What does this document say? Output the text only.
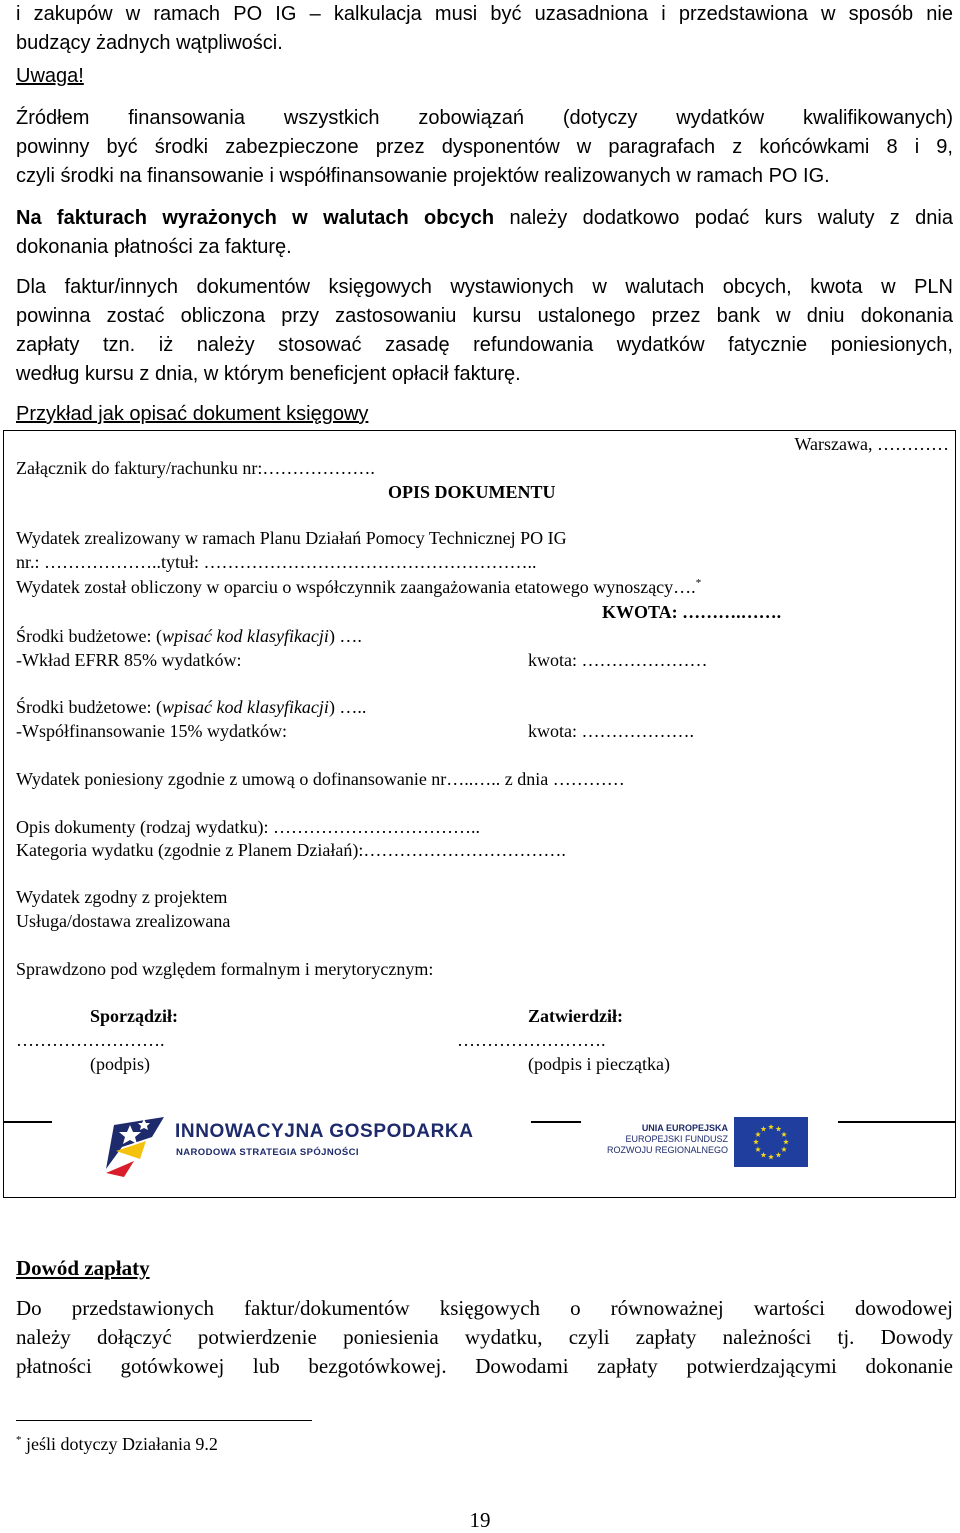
i zakupów w ramach PO IG – kalkulacja musi być uzasadniona i przedstawiona w sposób nie
budzący żadnych wątpliwości.
Uwaga!
Źródłem finansowania wszystkich zobowiązań (dotyczy wydatków kwalifikowanych)
powinny być środki zabezpieczone przez dysponentów w paragrafach z końcówkami 8 i 9,
czyli środki na finansowanie i współfinansowanie projektów realizowanych w ramach PO IG.
Na fakturach wyrażonych w walutach obcych należy dodatkowo podać kurs waluty z dnia
dokonania płatności za fakturę.
Dla faktur/innych dokumentów księgowych wystawionych w walutach obcych, kwota w PLN
powinna zostać obliczona przy zastosowaniu kursu ustalonego przez bank w dniu dokonania
zapłaty tzn. iż należy stosować zasadę refundowania wydatków fatycznie poniesionych,
według kursu z dnia, w którym beneficjent opłacił fakturę.
Przykład jak opisać dokument księgowy
Warszawa, …………
Załącznik do faktury/rachunku nr:……………….
OPIS DOKUMENTU
Wydatek zrealizowany w ramach Planu Działań Pomocy Technicznej PO IG
nr.: ………………..tytuł: ………………………………………………..
Wydatek został obliczony w oparciu o współczynnik zaangażowania etatowego wynoszący….*
KWOTA: ……….…….
Środki budżetowe: (wpisać kod klasyfikacji) ….
-Wkład EFRR 85% wydatków:	kwota: …………………
Środki budżetowe: (wpisać kod klasyfikacji) …..
-Współfinansowanie 15% wydatków:	kwota: ……………….
Wydatek poniesiony zgodnie z umową o dofinansowanie nr…..….. z dnia …………
Opis dokumenty (rodzaj wydatku): ……………………………..
Kategoria wydatku (zgodnie z Planem Działań):…………………………….
Wydatek zgodny z projektem
Usługa/dostawa zrealizowana
Sprawdzono pod względem formalnym i merytorycznym:
Sporządził:
…………………….
(podpis)
Zatwierdził:
…………………….
(podpis i pieczątka)
INNOWACYJNA GOSPODARKA
NARODOWA STRATEGIA SPÓJNOŚCI
UNIA EUROPEJSKA
EUROPEJSKI FUNDUSZ
ROZWOJU REGIONALNEGO
Dowód zapłaty
Do przedstawionych faktur/dokumentów księgowych o równoważnej wartości dowodowej
należy dołączyć potwierdzenie poniesienia wydatku, czyli zapłaty należności tj. Dowody
płatności gotówkowej lub bezgotówkowej. Dowodami zapłaty potwierdzającymi dokonanie
* jeśli dotyczy Działania 9.2
19
